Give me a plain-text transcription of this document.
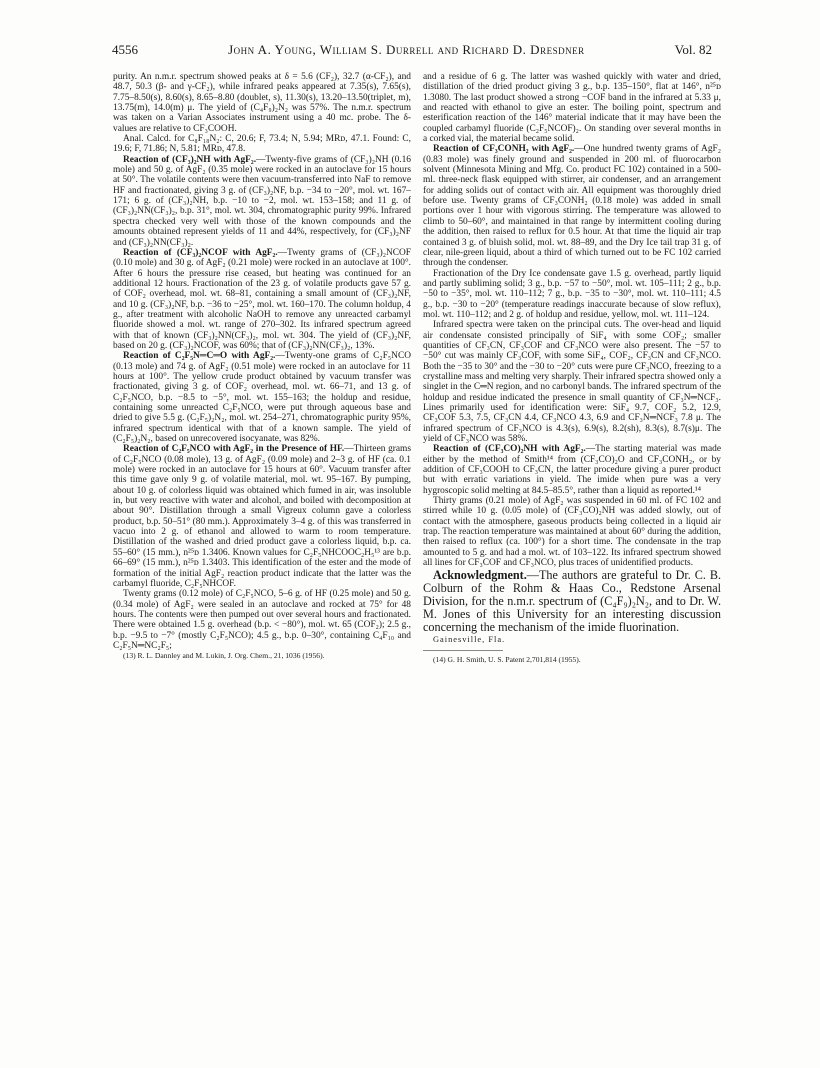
4556	John A. Young, William S. Durrell and Richard D. Dresdner	Vol. 82

purity. An n.m.r. spectrum showed peaks at δ = 5.6 (CF₂), 32.7 (α-CF₂), and 48.7, 50.3 (β- and γ-CF₂), while infrared peaks appeared at 7.35(s), 7.65(s), 7.75–8.50(s), 8.60(s), 8.65–8.80 (doublet, s), 11.30(s), 13.20–13.50(triplet, m), 13.75(m), 14.0(m) μ. The yield of (C₄F₉)₂N₂ was 57%. The n.m.r. spectrum was taken on a Varian Associates instrument using a 40 mc. probe. The δ-values are relative to CF₃COOH.

Anal. Calcd. for C₈F₁₈N₂: C, 20.6; F, 73.4; N, 5.94; MRᴅ, 47.1. Found: C, 19.6; F, 71.86; N, 5.81; MRᴅ, 47.8.

Reaction of (CF₃)₂NH with AgF₂.—Twenty-five grams of (CF₃)₂NH (0.16 mole) and 50 g. of AgF₂ (0.35 mole) were rocked in an autoclave for 15 hours at 50°. The volatile contents were then vacuum-transferred into NaF to remove HF and fractionated, giving 3 g. of (CF₃)₂NF, b.p. −34 to −20°, mol. wt. 167–171; 6 g. of (CF₃)₂NH, b.p. −10 to −2, mol. wt. 153–158; and 11 g. of (CF₃)₂NN(CF₃)₂, b.p. 31°, mol. wt. 304, chromatographic purity 99%. Infrared spectra checked very well with those of the known compounds and the amounts obtained represent yields of 11 and 44%, respectively, for (CF₃)₂NF and (CF₃)₂NN(CF₃)₂.

Reaction of (CF₃)₂NCOF with AgF₂.—Twenty grams of (CF₃)₂NCOF (0.10 mole) and 30 g. of AgF₂ (0.21 mole) were rocked in an autoclave at 100°. After 6 hours the pressure rise ceased, but heating was continued for an additional 12 hours. Fractionation of the 23 g. of volatile products gave 57 g. of COF₂ overhead, mol. wt. 68–81, containing a small amount of (CF₃)₂NF, and 10 g. (CF₃)₂NF, b.p. −36 to −25°, mol. wt. 160–170. The column holdup, 4 g., after treatment with alcoholic NaOH to remove any unreacted carbamyl fluoride showed a mol. wt. range of 270–302. Its infrared spectrum agreed with that of known (CF₃)₂NN(CF₃)₂, mol. wt. 304. The yield of (CF₃)₂NF, based on 20 g. (CF₃)₂NCOF, was 60%; that of (CF₃)₂NN(CF₃)₂, 13%.

Reaction of C₂F₅N═C═O with AgF₂.—Twenty-one grams of C₂F₅NCO (0.13 mole) and 74 g. of AgF₂ (0.51 mole) were rocked in an autoclave for 11 hours at 100°. The yellow crude product obtained by vacuum transfer was fractionated, giving 3 g. of COF₂ overhead, mol. wt. 66–71, and 13 g. of C₂F₅NCO, b.p. −8.5 to −5°, mol. wt. 155–163; the holdup and residue, containing some unreacted C₂F₅NCO, were put through aqueous base and dried to give 5.5 g. (C₂F₅)₂N₂, mol. wt. 254–271, chromatographic purity 95%, infrared spectrum identical with that of a known sample. The yield of (C₂F₅)₂N₂, based on unrecovered isocyanate, was 82%.

Reaction of C₂F₅NCO with AgF₂ in the Presence of HF.—Thirteen grams of C₂F₅NCO (0.08 mole), 13 g. of AgF₂ (0.09 mole) and 2–3 g. of HF (ca. 0.1 mole) were rocked in an autoclave for 15 hours at 60°. Vacuum transfer after this time gave only 9 g. of volatile material, mol. wt. 95–167. By pumping, about 10 g. of colorless liquid was obtained which fumed in air, was insoluble in, but very reactive with water and alcohol, and boiled with decomposition at about 90°. Distillation through a small Vigreux column gave a colorless product, b.p. 50–51° (80 mm.). Approximately 3–4 g. of this was transferred in vacuo into 2 g. of ethanol and allowed to warm to room temperature. Distillation of the washed and dried product gave a colorless liquid, b.p. ca. 55–60° (15 mm.), n²⁵ᴅ 1.3406. Known values for C₂F₅NHCOOC₂H₅¹³ are b.p. 66–69° (15 mm.), n²⁵ᴅ 1.3403. This identification of the ester and the mode of formation of the initial AgF₂ reaction product indicate that the latter was the carbamyl fluoride, C₂F₅NHCOF.

Twenty grams (0.12 mole) of C₂F₅NCO, 5–6 g. of HF (0.25 mole) and 50 g. (0.34 mole) of AgF₂ were sealed in an autoclave and rocked at 75° for 48 hours. The contents were then pumped out over several hours and fractionated. There were obtained 1.5 g. overhead (b.p. < −80°), mol. wt. 65 (COF₂); 2.5 g., b.p. −9.5 to −7° (mostly C₂F₅NCO); 4.5 g., b.p. 0–30°, containing C₄F₁₀ and C₂F₅N═NC₂F₅;

(13) R. L. Dannley and M. Lukin, J. Org. Chem., 21, 1036 (1956).

and a residue of 6 g. The latter was washed quickly with water and dried, distillation of the dried product giving 3 g., b.p. 135–150°, flat at 146°, n²⁵ᴅ 1.3080. The last product showed a strong −COF band in the infrared at 5.33 μ, and reacted with ethanol to give an ester. The boiling point, spectrum and esterification reaction of the 146° material indicate that it may have been the coupled carbamyl fluoride (C₂F₅NCOF)₂. On standing over several months in a corked vial, the material became solid.

Reaction of CF₃CONH₂ with AgF₂.—One hundred twenty grams of AgF₂ (0.83 mole) was finely ground and suspended in 200 ml. of fluorocarbon solvent (Minnesota Mining and Mfg. Co. product FC 102) contained in a 500-ml. three-neck flask equipped with stirrer, air condenser, and an arrangement for adding solids out of contact with air. All equipment was thoroughly dried before use. Twenty grams of CF₃CONH₂ (0.18 mole) was added in small portions over 1 hour with vigorous stirring. The temperature was allowed to climb to 50–60°, and maintained in that range by intermittent cooling during the addition, then raised to reflux for 0.5 hour. At that time the liquid air trap contained 3 g. of bluish solid, mol. wt. 88–89, and the Dry Ice tail trap 31 g. of clear, nile-green liquid, about a third of which turned out to be FC 102 carried through the condenser.

Fractionation of the Dry Ice condensate gave 1.5 g. overhead, partly liquid and partly subliming solid; 3 g., b.p. −57 to −50°, mol. wt. 105–111; 2 g., b.p. −50 to −35°, mol. wt. 110–112; 7 g., b.p. −35 to −30°, mol. wt. 110–111; 4.5 g., b.p. −30 to −20° (temperature readings inaccurate because of slow reflux), mol. wt. 110–112; and 2 g. of holdup and residue, yellow, mol. wt. 111–124.

Infrared spectra were taken on the principal cuts. The over-head and liquid air condensate consisted principally of SiF₄ with some COF₂; smaller quantities of CF₃CN, CF₃COF and CF₃NCO were also present. The −57 to −50° cut was mainly CF₃COF, with some SiF₄, COF₂, CF₃CN and CF₃NCO. Both the −35 to 30° and the −30 to −20° cuts were pure CF₃NCO, freezing to a crystalline mass and melting very sharply. Their infrared spectra showed only a singlet in the C═N region, and no carbonyl bands. The infrared spectrum of the holdup and residue indicated the presence in small quantity of CF₃N═NCF₃. Lines primarily used for identification were: SiF₄ 9.7, COF₂ 5.2, 12.9, CF₃COF 5.3, 7.5, CF₃CN 4.4, CF₃NCO 4.3, 6.9 and CF₃N═NCF₃ 7.8 μ. The infrared spectrum of CF₃NCO is 4.3(s), 6.9(s), 8.2(sh), 8.3(s), 8.7(s)μ. The yield of CF₃NCO was 58%.

Reaction of (CF₃CO)₂NH with AgF₂.—The starting material was made either by the method of Smith¹⁴ from (CF₃CO)₂O and CF₃CONH₂, or by addition of CF₃COOH to CF₃CN, the latter procedure giving a purer product but with erratic variations in yield. The imide when pure was a very hygroscopic solid melting at 84.5–85.5°, rather than a liquid as reported.¹⁴

Thirty grams (0.21 mole) of AgF₂ was suspended in 60 ml. of FC 102 and stirred while 10 g. (0.05 mole) of (CF₃CO)₂NH was added slowly, out of contact with the atmosphere, gaseous products being collected in a liquid air trap. The reaction temperature was maintained at about 60° during the addition, then raised to reflux (ca. 100°) for a short time. The condensate in the trap amounted to 5 g. and had a mol. wt. of 103–122. Its infrared spectrum showed all lines for CF₃COF and CF₃NCO, plus traces of unidentified products.

Acknowledgment.—The authors are grateful to Dr. C. B. Colburn of the Rohm & Haas Co., Redstone Arsenal Division, for the n.m.r. spectrum of (C₄F₉)₂N₂, and to Dr. W. M. Jones of this University for an interesting discussion concerning the mechanism of the imide fluorination.

Gainesville, Fla.

(14) G. H. Smith, U. S. Patent 2,701,814 (1955).
